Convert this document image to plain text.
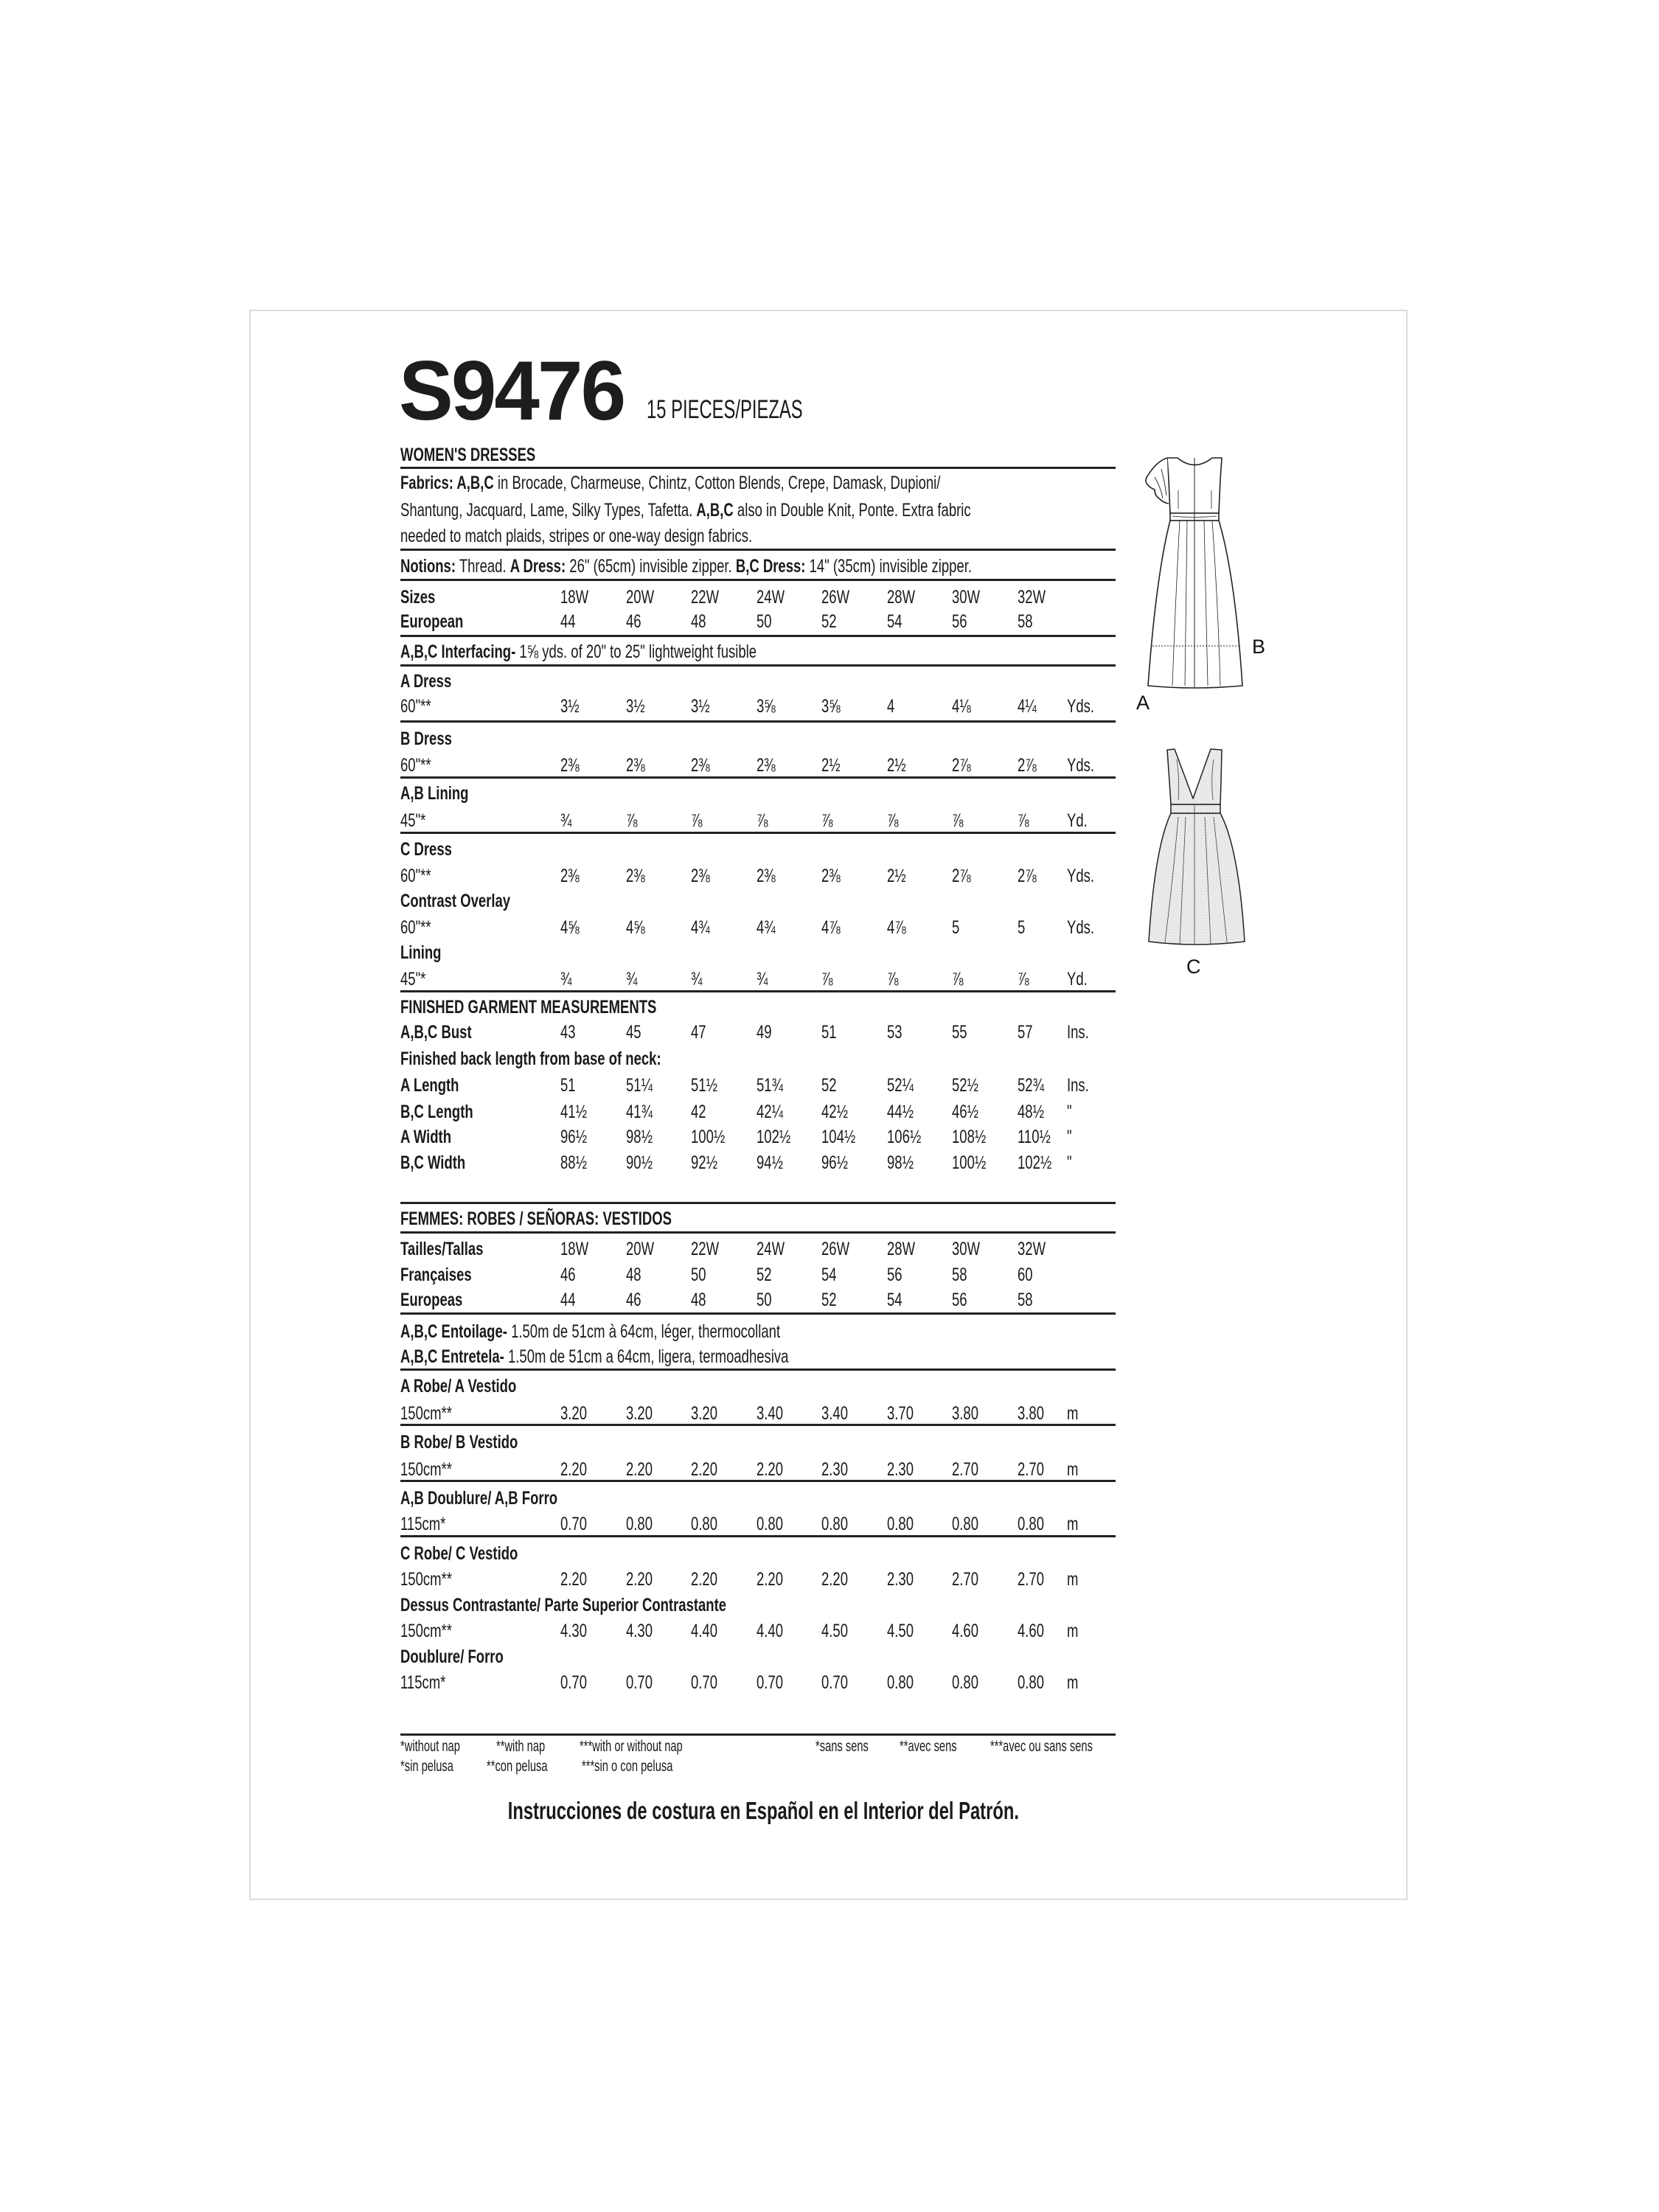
S9476 15 PIECES/PIEZAS
WOMEN'S DRESSES
Fabrics: A,B,C in Brocade, Charmeuse, Chintz, Cotton Blends, Crepe, Damask, Dupioni/
Shantung, Jacquard, Lame, Silky Types, Tafetta. A,B,C also in Double Knit, Ponte. Extra fabric
needed to match plaids, stripes or one-way design fabrics.
Notions: Thread. A Dress: 26" (65cm) invisible zipper. B,C Dress: 14" (35cm) invisible zipper.
A,B,C Interfacing- 1⅝ yds. of 20" to 25" lightweight fusible
Sizes	18W	20W	22W	24W	26W	28W	30W	32W
European	44	46	48	50	52	54	56	58
A Dress
60"**	3½	3½	3½	3⅝	3⅝	4	4⅛	4¼	Yds.
B Dress
60"**	2⅜	2⅜	2⅜	2⅜	2½	2½	2⅞	2⅞	Yds.
A,B Lining
45"*	¾	⅞	⅞	⅞	⅞	⅞	⅞	⅞ Yd.
C Dress
60"**	2⅜	2⅜	2⅜	2⅜	2⅜	2½	2⅞	2⅞	Yds.
Contrast Overlay
60"**	4⅝	4⅝	4¾	4¾	4⅞	4⅞	5	5 Yds.
Lining
45"*	¾	¾	¾	¾	⅞	⅞	⅞	⅞ Yd.
FINISHED GARMENT MEASUREMENTS
A,B,C Bust	43	45	47	49	51	53	55	57 Ins.
Finished back length from base of neck:
A Length	51	51¼	51½	51¾	52	52¼	52½	52¾	Ins.
B,C Length	41½	41¾	42	42¼	42½	44½	46½	48½	"
A Width	96½	98½	100½	102½	104½	106½	108½	110½ "
B,C Width	88½	90½	92½	94½	96½	98½	100½	102½ "
FEMMES: ROBES / SEÑORAS: VESTIDOS
Tailles/Tallas	18W	20W	22W	24W	26W	28W	30W	32W
Françaises	46	48	50	52	54	56	58	60
Europeas	44	46	48	50	52	54	56	58
A,B,C Entoilage- 1.50m de 51cm à 64cm, léger, thermocollant
A,B,C Entretela- 1.50m de 51cm a 64cm, ligera, termoadhesiva
A Robe/ A Vestido
150cm**	3.20	3.20	3.20	3.40	3.40	3.70	3.80	3.80	m
B Robe/ B Vestido
150cm**	2.20	2.20	2.20	2.20	2.30	2.30	2.70	2.70	m
A,B Doublure/ A,B Forro
115cm*	0.70	0.80	0.80	0.80	0.80	0.80	0.80	0.80	m
C Robe/ C Vestido
150cm**	2.20	2.20	2.20	2.20	2.20	2.30	2.70	2.70	m
Dessus Contrastante/ Parte Superior Contrastante
150cm**	4.30	4.30	4.40	4.40	4.50	4.50	4.60	4.60	m
Doublure/ Forro
115cm*	0.70	0.70	0.70	0.70	0.70	0.80	0.80	0.80	m
*without nap	**with nap	***with or without nap	*sans sens	**avec sens	***avec ou sans sens
*sin pelusa	**con pelusa	***sin o con pelusa
Instrucciones de costura en Español en el Interior del Patrón.
A
B
C
